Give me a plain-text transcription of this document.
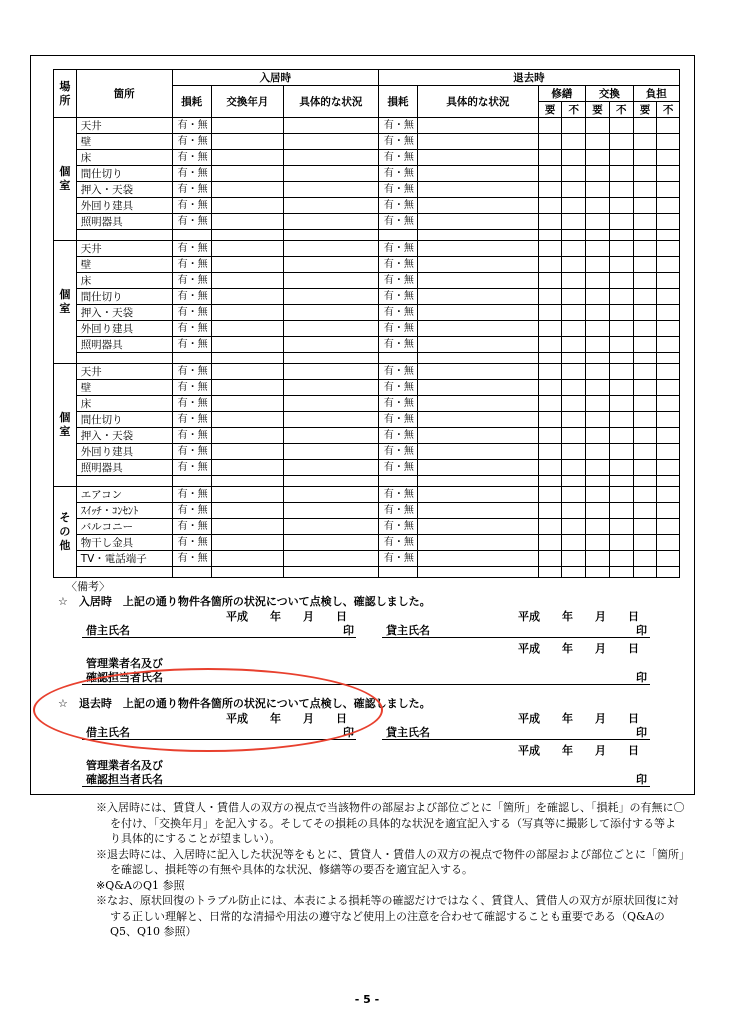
場所	箇所	入居時			退去時							
		損耗	交換年月	具体的な状況	損耗	具体的な状況	修繕		交換		負担	
							要	不	要	不	要	不
個室	天井	有・無			有・無							
	壁	有・無			有・無							
	床	有・無			有・無							
	間仕切り	有・無			有・無							
	押入・天袋	有・無			有・無							
	外回り建具	有・無			有・無							
	照明器具	有・無			有・無							

個室	天井	有・無			有・無							
	壁	有・無			有・無							
	床	有・無			有・無							
	間仕切り	有・無			有・無							
	押入・天袋	有・無			有・無							
	外回り建具	有・無			有・無							
	照明器具	有・無			有・無							

個室	天井	有・無			有・無							
	壁	有・無			有・無							
	床	有・無			有・無							
	間仕切り	有・無			有・無							
	押入・天袋	有・無			有・無							
	外回り建具	有・無			有・無							
	照明器具	有・無			有・無							

その他	エアコン	有・無			有・無							
	ｽｲｯﾁ・ｺﾝｾﾝﾄ	有・無			有・無							
	バルコニー	有・無			有・無							
	物干し金具	有・無			有・無							
	TV・電話端子	有・無			有・無							

〈備考〉
☆　入居時　上記の通り物件各箇所の状況について点検し、確認しました。
平成　　年　　月　　日	平成　　年　　月　　日
借主氏名	印	貸主氏名	印
平成　　年　　月　　日
管理業者名及び
確認担当者氏名	印
☆　退去時　上記の通り物件各箇所の状況について点検し、確認しました。
平成　　年　　月　　日	平成　　年　　月　　日
借主氏名	印	貸主氏名	印
平成　　年　　月　　日
管理業者名及び
確認担当者氏名	印

※入居時には、賃貸人・賃借人の双方の視点で当該物件の部屋および部位ごとに「箇所」を確認し、「損耗」の有無に〇を付け、「交換年月」を記入する。そしてその損耗の具体的な状況を適宜記入する（写真等に撮影して添付する等より具体的にすることが望ましい）。

※退去時には、入居時に記入した状況等をもとに、賃貸人・賃借人の双方の視点で物件の部屋および部位ごとに「箇所」を確認し、損耗等の有無や具体的な状況、修繕等の要否を適宜記入する。

※Q&AのQ1 参照

※なお、原状回復のトラブル防止には、本表による損耗等の確認だけではなく、賃貸人、賃借人の双方が原状回復に対する正しい理解と、日常的な清掃や用法の遵守など使用上の注意を合わせて確認することも重要である（Q&AのQ5、Q10 参照）

- 5 -
